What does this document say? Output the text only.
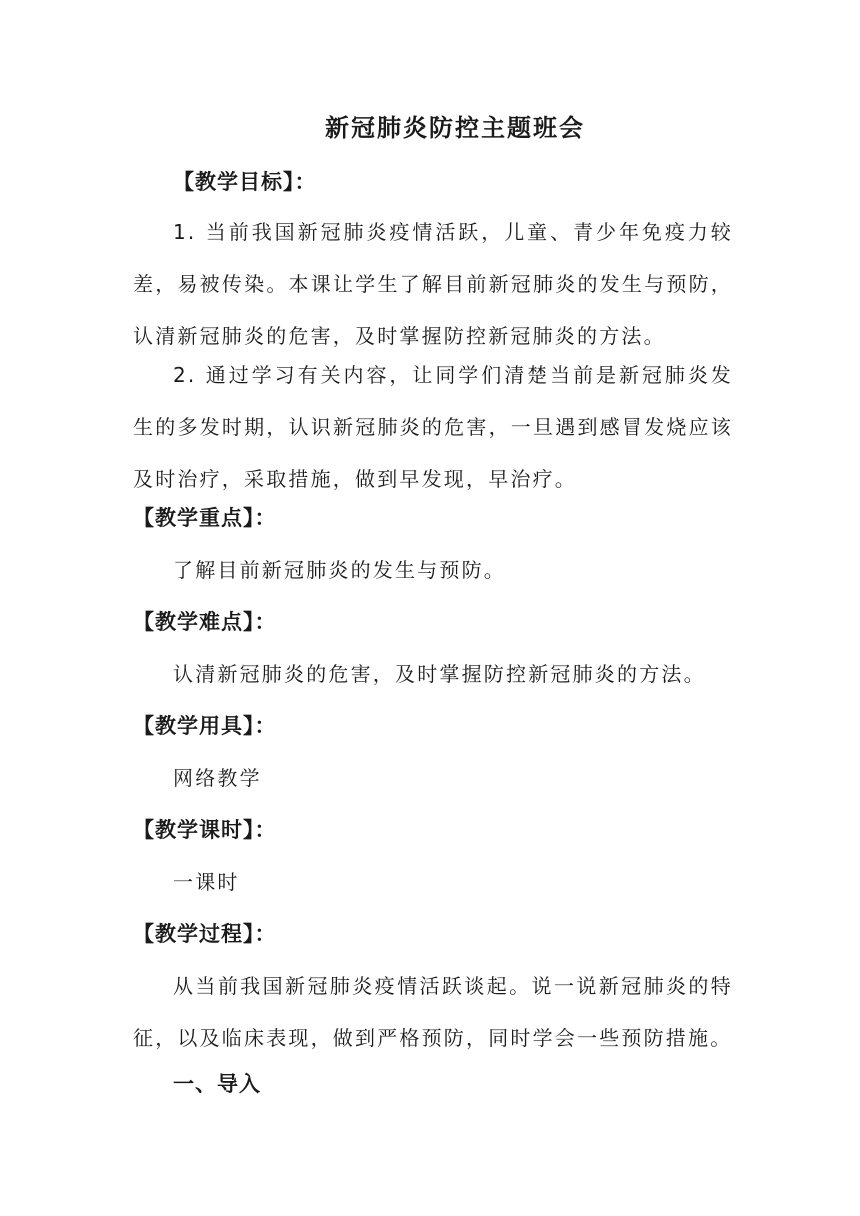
新冠肺炎防控主题班会
【教学目标】：
1. 当前我国新冠肺炎疫情活跃，儿童、青少年免疫力较差，易被传染。本课让学生了解目前新冠肺炎的发生与预防，认清新冠肺炎的危害，及时掌握防控新冠肺炎的方法。
2. 通过学习有关内容，让同学们清楚当前是新冠肺炎发生的多发时期，认识新冠肺炎的危害，一旦遇到感冒发烧应该及时治疗，采取措施，做到早发现，早治疗。
【教学重点】：
了解目前新冠肺炎的发生与预防。
【教学难点】：
认清新冠肺炎的危害，及时掌握防控新冠肺炎的方法。
【教学用具】：
网络教学
【教学课时】：
一课时
【教学过程】：
从当前我国新冠肺炎疫情活跃谈起。说一说新冠肺炎的特征，以及临床表现，做到严格预防，同时学会一些预防措施。
一、导入
